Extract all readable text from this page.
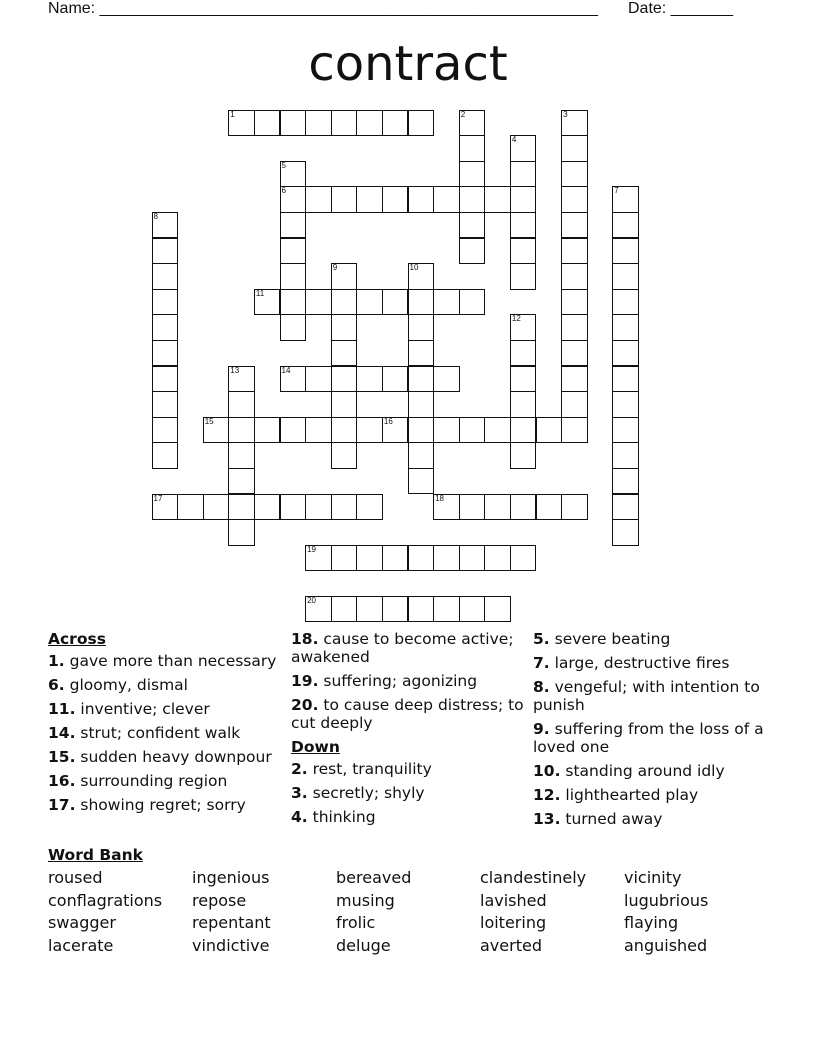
Name: ________________________________________________________ Date: _______
contract
1	2	3
4
5
6	7
8
9	10
11
12
13	14
15	16
17	18
19
20
Across
1. gave more than necessary
6. gloomy, dismal
11. inventive; clever
14. strut; confident walk
15. sudden heavy downpour
16. surrounding region
17. showing regret; sorry
18. cause to become active; awakened
19. suffering; agonizing
20. to cause deep distress; to cut deeply
Down
2. rest, tranquility
3. secretly; shyly
4. thinking
5. severe beating
7. large, destructive fires
8. vengeful; with intention to punish
9. suffering from the loss of a loved one
10. standing around idly
12. lighthearted play
13. turned away
Word Bank
roused	ingenious	bereaved	clandestinely vicinity
conflagrations repose	musing	lavished	lugubrious
swagger	repentant	frolic	loitering	flaying
lacerate	vindictive	deluge	averted	anguished
